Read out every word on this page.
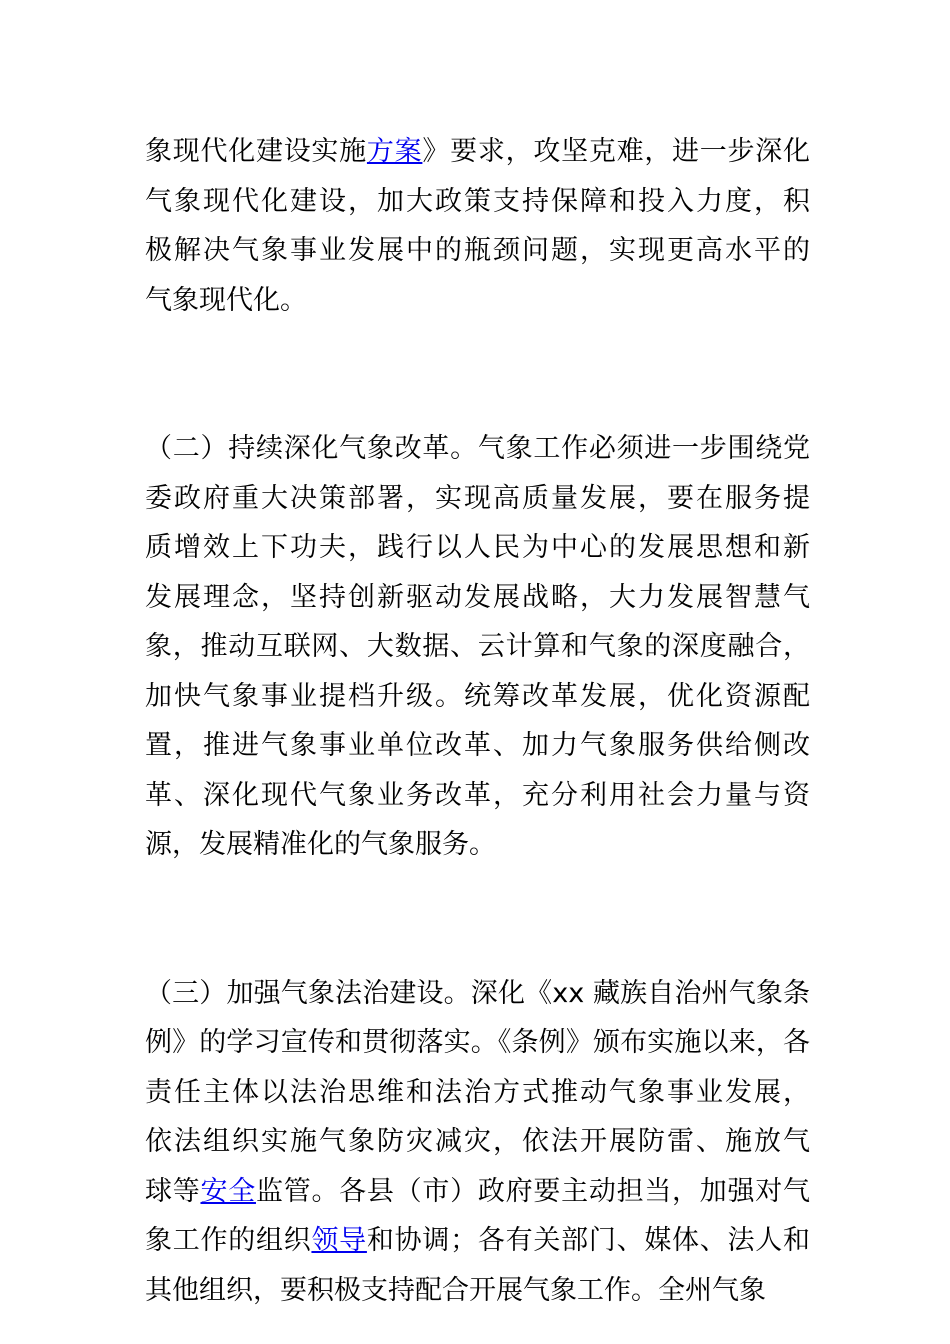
象现代化建设实施方案》要求，攻坚克难，进一步深化
气象现代化建设，加大政策支持保障和投入力度，积
极解决气象事业发展中的瓶颈问题，实现更高水平的
气象现代化。
（二）持续深化气象改革。气象工作必须进一步围绕党
委政府重大决策部署，实现高质量发展，要在服务提
质增效上下功夫，践行以人民为中心的发展思想和新
发展理念，坚持创新驱动发展战略，大力发展智慧气
象，推动互联网、大数据、云计算和气象的深度融合，
加快气象事业提档升级。统筹改革发展，优化资源配
置，推进气象事业单位改革、加力气象服务供给侧改
革、深化现代气象业务改革，充分利用社会力量与资
源，发展精准化的气象服务。
（三）加强气象法治建设。深化《xx 藏族自治州气象条
例》的学习宣传和贯彻落实。《条例》颁布实施以来，各
责任主体以法治思维和法治方式推动气象事业发展，
依法组织实施气象防灾减灾，依法开展防雷、施放气
球等安全监管。各县（市）政府要主动担当，加强对气
象工作的组织领导和协调；各有关部门、媒体、法人和
其他组织，要积极支持配合开展气象工作。全州气象
